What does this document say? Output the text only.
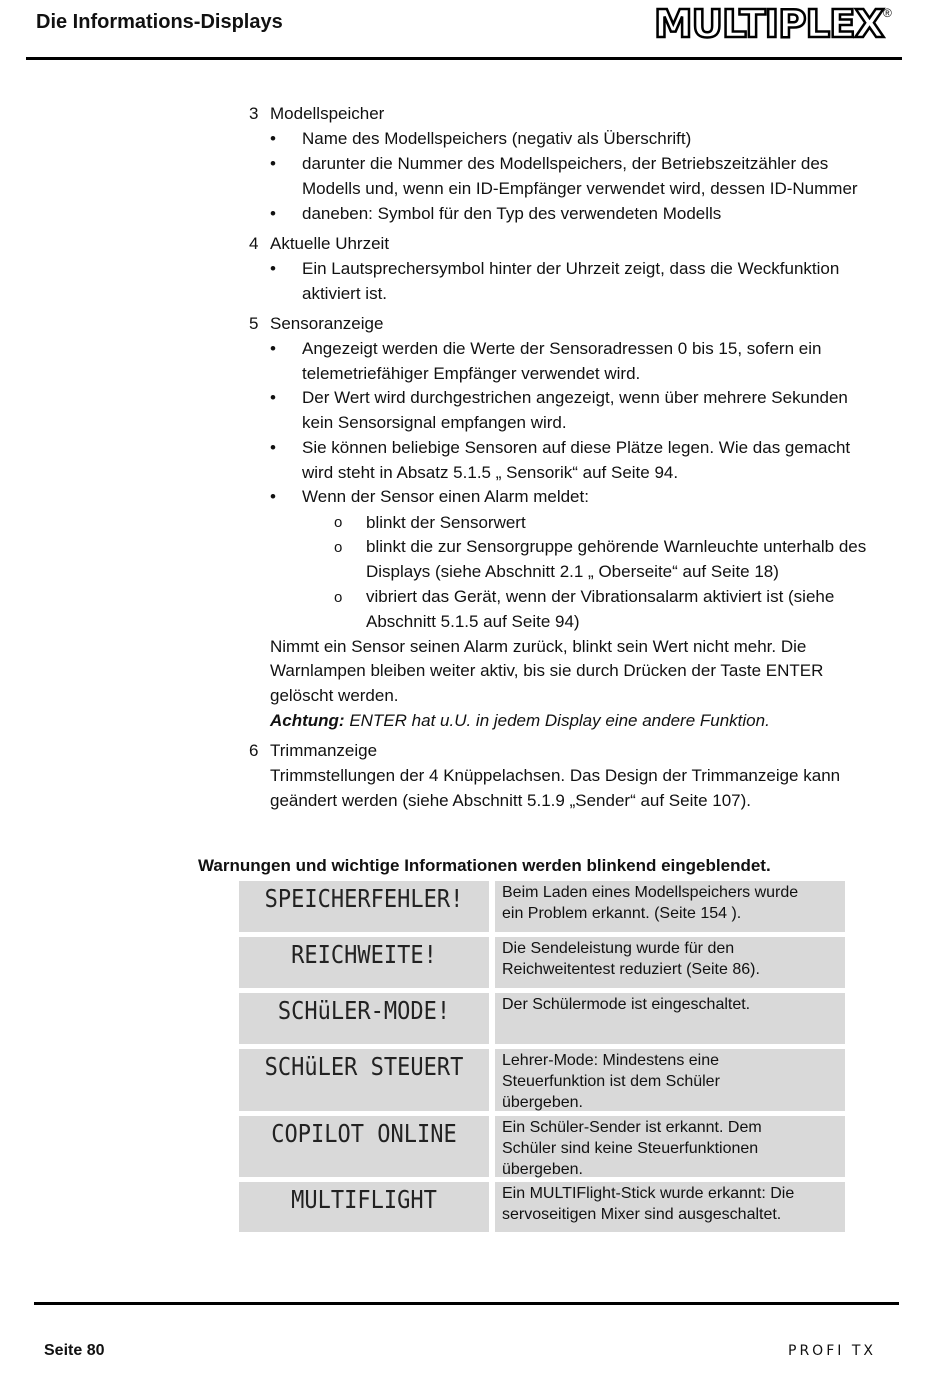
Die Informations-Displays	MULTIPLEX ®
3 Modellspeicher
• Name des Modellspeichers (negativ als Überschrift)
• darunter die Nummer des Modellspeichers, der Betriebszeitzähler des
Modells und, wenn ein ID-Empfänger verwendet wird, dessen ID-Nummer
• daneben: Symbol für den Typ des verwendeten Modells
4 Aktuelle Uhrzeit
• Ein Lautsprechersymbol hinter der Uhrzeit zeigt, dass die Weckfunktion
aktiviert ist.
5 Sensoranzeige
• Angezeigt werden die Werte der Sensoradressen 0 bis 15, sofern ein
telemetriefähiger Empfänger verwendet wird.
• Der Wert wird durchgestrichen angezeigt, wenn über mehrere Sekunden
kein Sensorsignal empfangen wird.
• Sie können beliebige Sensoren auf diese Plätze legen. Wie das gemacht
wird steht in Absatz 5.1.5 „ Sensorik“ auf Seite 94.
• Wenn der Sensor einen Alarm meldet:
o blinkt der Sensorwert
o blinkt die zur Sensorgruppe gehörende Warnleuchte unterhalb des
Displays (siehe Abschnitt 2.1 „ Oberseite“ auf Seite 18)
o vibriert das Gerät, wenn der Vibrationsalarm aktiviert ist (siehe
Abschnitt 5.1.5 auf Seite 94)
Nimmt ein Sensor seinen Alarm zurück, blinkt sein Wert nicht mehr. Die
Warnlampen bleiben weiter aktiv, bis sie durch Drücken der Taste ENTER
gelöscht werden.
Achtung: ENTER hat u.U. in jedem Display eine andere Funktion.
6 Trimmanzeige
Trimmstellungen der 4 Knüppelachsen. Das Design der Trimmanzeige kann
geändert werden (siehe Abschnitt 5.1.9 „Sender“ auf Seite 107).
Warnungen und wichtige Informationen werden blinkend eingeblendet.
SPEICHERFEHLER!	Beim Laden eines Modellspeichers wurde
ein Problem erkannt. (Seite 154 ).
REICHWEITE!	Die Sendeleistung wurde für den
Reichweitentest reduziert (Seite 86).
SCHüLER-MODE!	Der Schülermode ist eingeschaltet.
SCHüLER STEUERT	Lehrer-Mode: Mindestens eine
Steuerfunktion ist dem Schüler
übergeben.
COPILOT ONLINE	Ein Schüler-Sender ist erkannt. Dem
Schüler sind keine Steuerfunktionen
übergeben.
MULTIFLIGHT	Ein MULTIFlight-Stick wurde erkannt: Die
servoseitigen Mixer sind ausgeschaltet.
Seite 80	PROFI TX
